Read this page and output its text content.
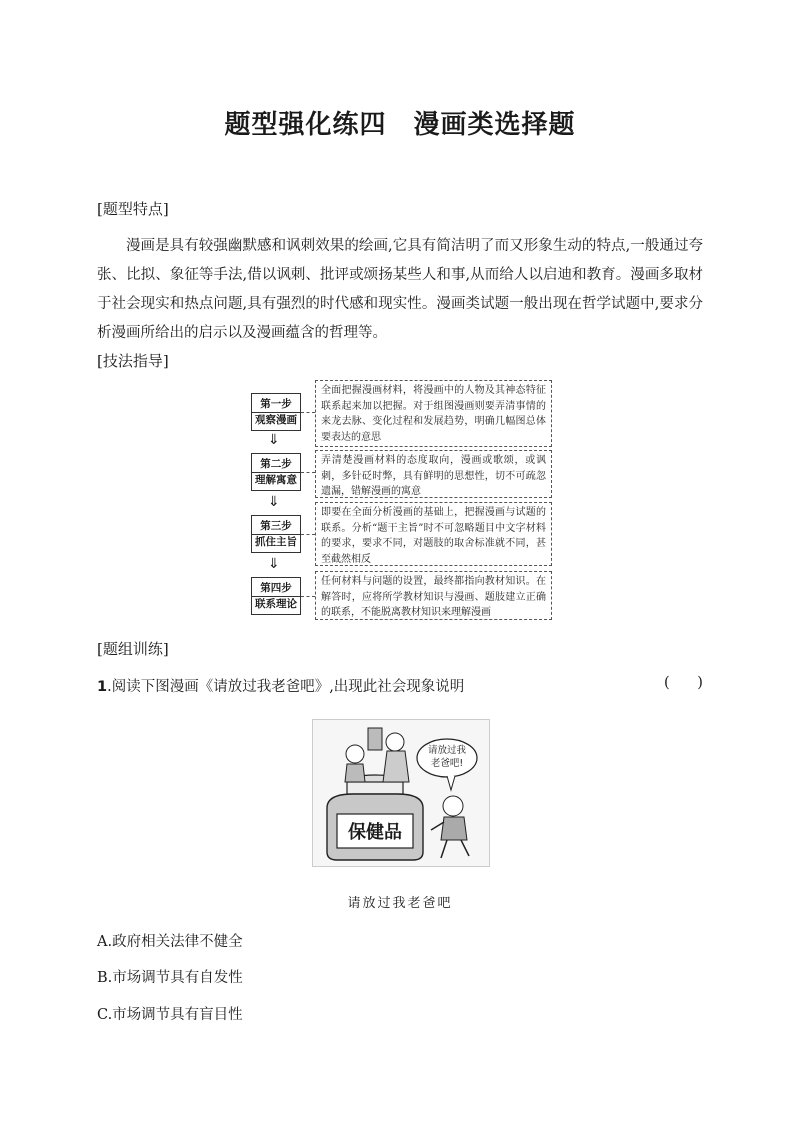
题型强化练四　漫画类选择题
[题型特点]
漫画是具有较强幽默感和讽刺效果的绘画,它具有简洁明了而又形象生动的特点,一般通过夸张、比拟、象征等手法,借以讽刺、批评或颂扬某些人和事,从而给人以启迪和教育。漫画多取材于社会现实和热点问题,具有强烈的时代感和现实性。漫画类试题一般出现在哲学试题中,要求分析漫画所给出的启示以及漫画蕴含的哲理等。
[技法指导]
第一步
观察漫画
全面把握漫画材料，将漫画中的人物及其神态特征联系起来加以把握。对于组图漫画则要弄清事情的来龙去脉、变化过程和发展趋势，明确几幅图总体要表达的意思
⇓
第二步
理解寓意
弄清楚漫画材料的态度取向，漫画或歌颂，或讽刺，多针砭时弊，具有鲜明的思想性，切不可疏忽遗漏，错解漫画的寓意
⇓
第三步
抓住主旨
即要在全面分析漫画的基础上，把握漫画与试题的联系。分析“题干主旨”时不可忽略题目中文字材料的要求，要求不同，对题肢的取舍标准就不同，甚至截然相反
⇓
第四步
联系理论
任何材料与问题的设置，最终都指向教材知识。在解答时，应将所学教材知识与漫画、题肢建立正确的联系，不能脱离教材知识来理解漫画
[题组训练]
1.阅读下图漫画《请放过我老爸吧》,出现此社会现象说明	(      )
保健品
请放过我老爸吧!
请放过我老爸吧
A.政府相关法律不健全
B.市场调节具有自发性
C.市场调节具有盲目性
